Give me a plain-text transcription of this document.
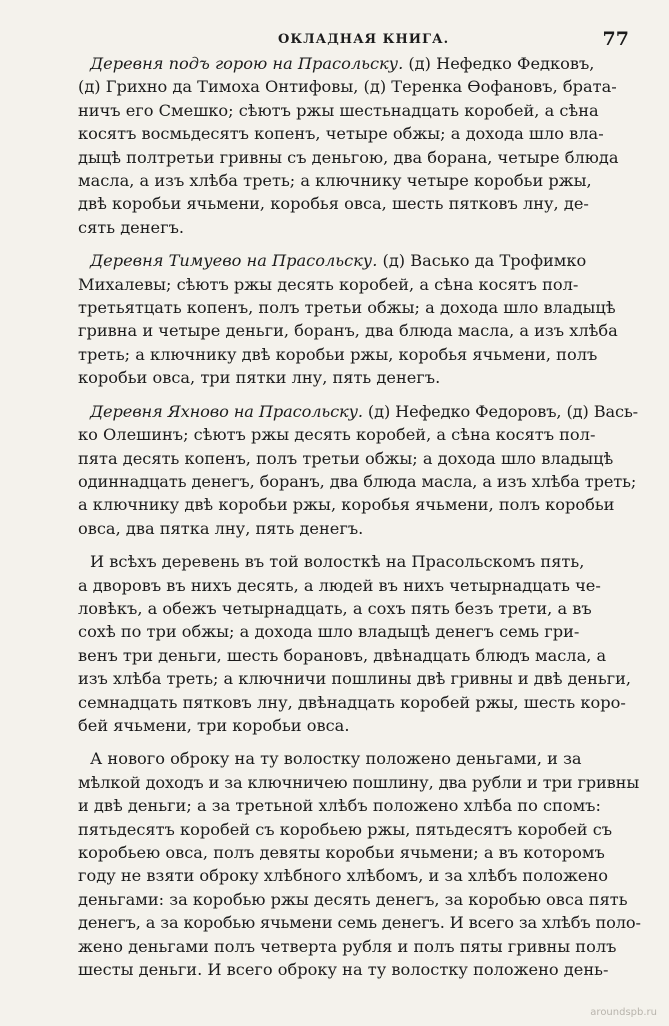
ОКЛАДНАЯ КНИГА.	77

Деревня подъ горою на Прасольску. (д) Нефедко Федковъ,
(д) Грихно да Тимоха Онтифовы, (д) Теренка Ѳофановъ, брата-
ничъ его Смешко; сѣютъ ржы шестьнадцать коробей, а сѣна
косятъ восмьдесятъ копенъ, четыре обжы; а дохода шло вла-
дыцѣ полтретьи гривны съ деньгою, два борана, четыре блюда
масла, а изъ хлѣба треть; а ключнику четыре коробьи ржы,
двѣ коробьи ячьмени, коробья овса, шесть пятковъ лну, де-
сять денегъ.

Деревня Тимуево на Прасольску. (д) Васько да Трофимко
Михалевы; сѣютъ ржы десять коробей, а сѣна косятъ пол-
третьятцать копенъ, полъ третьи обжы; а дохода шло владыцѣ
гривна и четыре деньги, боранъ, два блюда масла, а изъ хлѣба
треть; а ключнику двѣ коробьи ржы, коробья ячьмени, полъ
коробьи овса, три пятки лну, пять денегъ.

Деревня Яхново на Прасольску. (д) Нефедко Федоровъ, (д) Вась-
ко Олешинъ; сѣютъ ржы десять коробей, а сѣна косятъ пол-
пята десять копенъ, полъ третьи обжы; а дохода шло владыцѣ
одиннадцать денегъ, боранъ, два блюда масла, а изъ хлѣба треть;
а ключнику двѣ коробьи ржы, коробья ячьмени, полъ коробьи
овса, два пятка лну, пять денегъ.

И всѣхъ деревень въ той волосткѣ на Прасольскомъ пять,
а дворовъ въ нихъ десять, а людей въ нихъ четырнадцать че-
ловѣкъ, а обежъ четырнадцать, а сохъ пять безъ трети, а въ
сохѣ по три обжы; а дохода шло владыцѣ денегъ семь гри-
венъ три деньги, шесть борановъ, двѣнадцать блюдъ масла, а
изъ хлѣба треть; а ключничи пошлины двѣ гривны и двѣ деньги,
семнадцать пятковъ лну, двѣнадцать коробей ржы, шесть корo-
бей ячьмени, три коробьи овса.

А нового оброку на ту волостку положено деньгами, и за
мѣлкой доходъ и за ключничею пошлину, два рубли и три гривны
и двѣ деньги; а за третьной хлѣбъ положено хлѣба по спомъ:
пятьдесятъ коробей съ коробьею ржы, пятьдесятъ коробей съ
коробьею овса, полъ девяты коробьи ячьмени; а въ которомъ
году не взяти оброку хлѣбного хлѣбомъ, и за хлѣбъ положено
деньгами: за коробью ржы десять денегъ, за коробью овса пять
денегъ, а за коробью ячьмени семь денегъ. И всего за хлѣбъ поло-
жено деньгами полъ четверта рубля и полъ пяты гривны полъ
шесты деньги. И всего оброку на ту волостку положено день-

aroundspb.ru
